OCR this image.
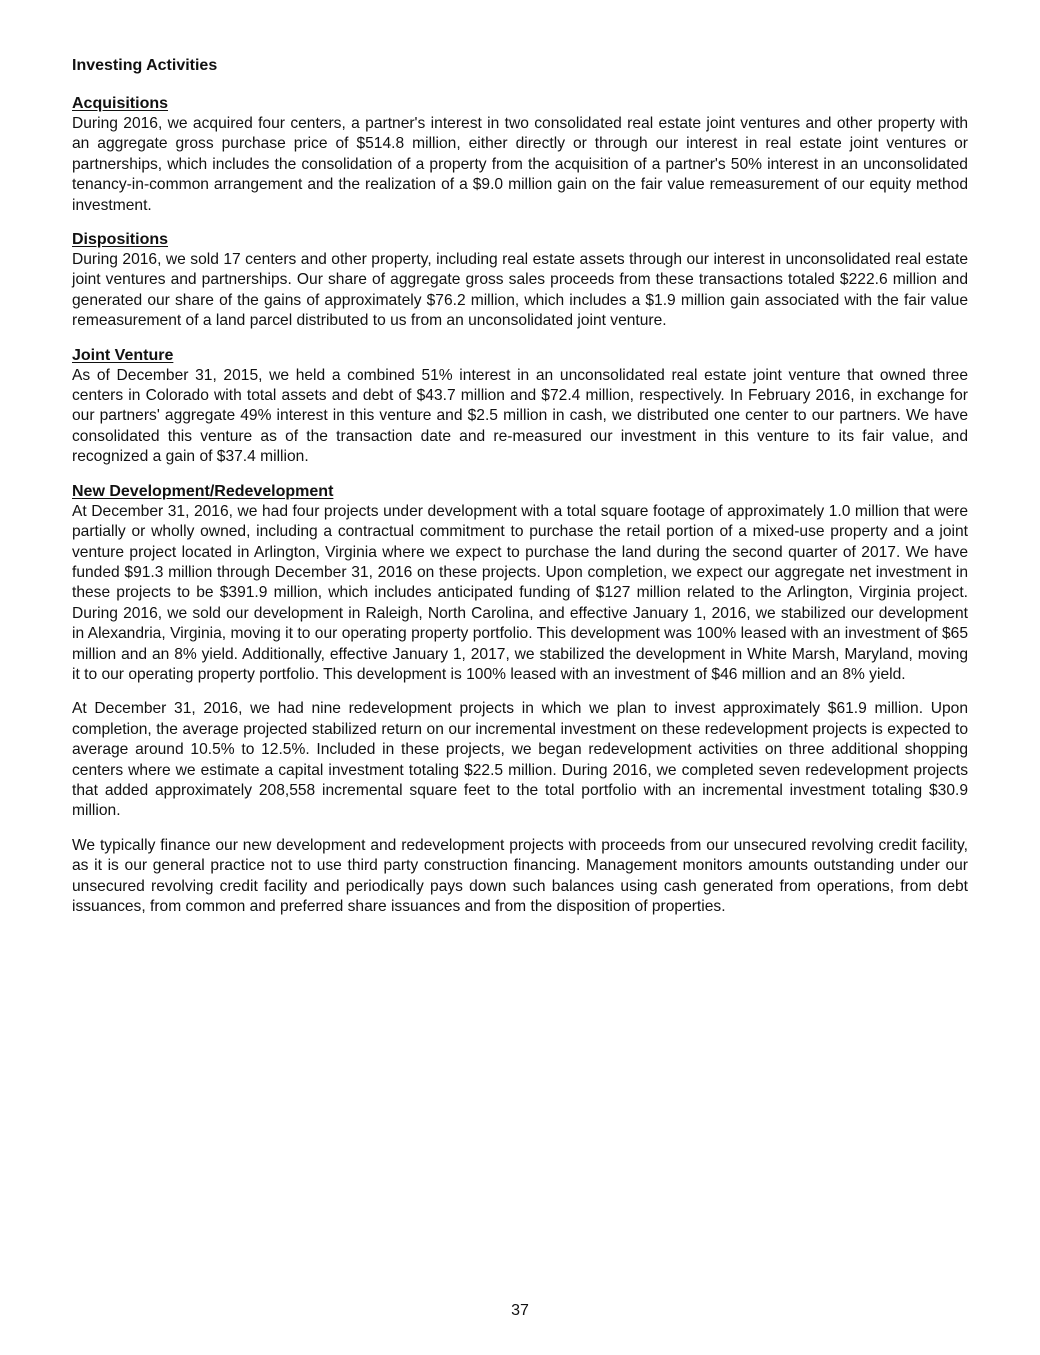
Investing Activities
Acquisitions

During 2016, we acquired four centers, a partner's interest in two consolidated real estate joint ventures and other property with an aggregate gross purchase price of $514.8 million, either directly or through our interest in real estate joint ventures or partnerships, which includes the consolidation of a property from the acquisition of a partner's 50% interest in an unconsolidated tenancy-in-common arrangement and the realization of a $9.0 million gain on the fair value remeasurement of our equity method investment.

Dispositions

During 2016, we sold 17 centers and other property, including real estate assets through our interest in unconsolidated real estate joint ventures and partnerships. Our share of aggregate gross sales proceeds from these transactions totaled $222.6 million and generated our share of the gains of approximately $76.2 million, which includes a $1.9 million gain associated with the fair value remeasurement of a land parcel distributed to us from an unconsolidated joint venture.

Joint Venture

As of December 31, 2015, we held a combined 51% interest in an unconsolidated real estate joint venture that owned three centers in Colorado with total assets and debt of $43.7 million and $72.4 million, respectively. In February 2016, in exchange for our partners' aggregate 49% interest in this venture and $2.5 million in cash, we distributed one center to our partners. We have consolidated this venture as of the transaction date and re-measured our investment in this venture to its fair value, and recognized a gain of $37.4 million.

New Development/Redevelopment

At December 31, 2016, we had four projects under development with a total square footage of approximately 1.0 million that were partially or wholly owned, including a contractual commitment to purchase the retail portion of a mixed-use property and a joint venture project located in Arlington, Virginia where we expect to purchase the land during the second quarter of 2017. We have funded $91.3 million through December 31, 2016 on these projects. Upon completion, we expect our aggregate net investment in these projects to be $391.9 million, which includes anticipated funding of $127 million related to the Arlington, Virginia project. During 2016, we sold our development in Raleigh, North Carolina, and effective January 1, 2016, we stabilized our development in Alexandria, Virginia, moving it to our operating property portfolio. This development was 100% leased with an investment of $65 million and an 8% yield. Additionally, effective January 1, 2017, we stabilized the development in White Marsh, Maryland, moving it to our operating property portfolio. This development is 100% leased with an investment of $46 million and an 8% yield.

At December 31, 2016, we had nine redevelopment projects in which we plan to invest approximately $61.9 million. Upon completion, the average projected stabilized return on our incremental investment on these redevelopment projects is expected to average around 10.5% to 12.5%. Included in these projects, we began redevelopment activities on three additional shopping centers where we estimate a capital investment totaling $22.5 million. During 2016, we completed seven redevelopment projects that added approximately 208,558 incremental square feet to the total portfolio with an incremental investment totaling $30.9 million.

We typically finance our new development and redevelopment projects with proceeds from our unsecured revolving credit facility, as it is our general practice not to use third party construction financing. Management monitors amounts outstanding under our unsecured revolving credit facility and periodically pays down such balances using cash generated from operations, from debt issuances, from common and preferred share issuances and from the disposition of properties.

37
